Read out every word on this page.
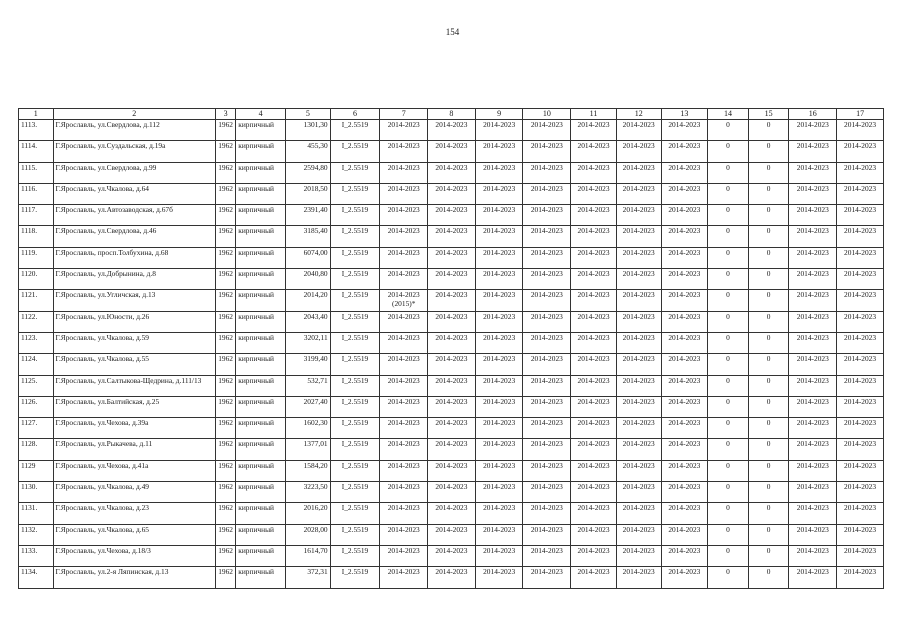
154
1	2	3	4	5	6	7	8	9	10	11	12	13	14	15	16	17
1113.	Г.Ярославль, ул.Свердлова, д.112	1962	кирпичный	1301,30	I_2.5519	2014-2023	2014-2023	2014-2023	2014-2023	2014-2023	2014-2023	2014-2023	0	0	2014-2023	2014-2023
1114.	Г.Ярославль, ул.Суздальская, д.19а	1962	кирпичный	455,30	I_2.5519	2014-2023	2014-2023	2014-2023	2014-2023	2014-2023	2014-2023	2014-2023	0	0	2014-2023	2014-2023
1115.	Г.Ярославль, ул.Свердлова, д.99	1962	кирпичный	2594,80	I_2.5519	2014-2023	2014-2023	2014-2023	2014-2023	2014-2023	2014-2023	2014-2023	0	0	2014-2023	2014-2023
1116.	Г.Ярославль, ул.Чкалова, д.64	1962	кирпичный	2018,50	I_2.5519	2014-2023	2014-2023	2014-2023	2014-2023	2014-2023	2014-2023	2014-2023	0	0	2014-2023	2014-2023
1117.	Г.Ярославль, ул.Автозаводская, д.67б	1962	кирпичный	2391,40	I_2.5519	2014-2023	2014-2023	2014-2023	2014-2023	2014-2023	2014-2023	2014-2023	0	0	2014-2023	2014-2023
1118.	Г.Ярославль, ул.Свердлова, д.46	1962	кирпичный	3185,40	I_2.5519	2014-2023	2014-2023	2014-2023	2014-2023	2014-2023	2014-2023	2014-2023	0	0	2014-2023	2014-2023
1119.	Г.Ярославль, просп.Толбухина, д.68	1962	кирпичный	6074,00	I_2.5519	2014-2023	2014-2023	2014-2023	2014-2023	2014-2023	2014-2023	2014-2023	0	0	2014-2023	2014-2023
1120.	Г.Ярославль, ул.Добрынина, д.8	1962	кирпичный	2040,80	I_2.5519	2014-2023	2014-2023	2014-2023	2014-2023	2014-2023	2014-2023	2014-2023	0	0	2014-2023	2014-2023
1121.	Г.Ярославль, ул.Угличская, д.13	1962	кирпичный	2014,20	I_2.5519	2014-2023 (2015)*	2014-2023	2014-2023	2014-2023	2014-2023	2014-2023	2014-2023	0	0	2014-2023	2014-2023
1122.	Г.Ярославль, ул.Юности, д.26	1962	кирпичный	2043,40	I_2.5519	2014-2023	2014-2023	2014-2023	2014-2023	2014-2023	2014-2023	2014-2023	0	0	2014-2023	2014-2023
1123.	Г.Ярославль, ул.Чкалова, д.59	1962	кирпичный	3202,11	I_2.5519	2014-2023	2014-2023	2014-2023	2014-2023	2014-2023	2014-2023	2014-2023	0	0	2014-2023	2014-2023
1124.	Г.Ярославль, ул.Чкалова, д.55	1962	кирпичный	3199,40	I_2.5519	2014-2023	2014-2023	2014-2023	2014-2023	2014-2023	2014-2023	2014-2023	0	0	2014-2023	2014-2023
1125.	Г.Ярославль, ул.Салтыкова-Щедрина, д.111/13	1962	кирпичный	532,71	I_2.5519	2014-2023	2014-2023	2014-2023	2014-2023	2014-2023	2014-2023	2014-2023	0	0	2014-2023	2014-2023
1126.	Г.Ярославль, ул.Балтийская, д.25	1962	кирпичный	2027,40	I_2.5519	2014-2023	2014-2023	2014-2023	2014-2023	2014-2023	2014-2023	2014-2023	0	0	2014-2023	2014-2023
1127.	Г.Ярославль, ул.Чехова, д.39а	1962	кирпичный	1602,30	I_2.5519	2014-2023	2014-2023	2014-2023	2014-2023	2014-2023	2014-2023	2014-2023	0	0	2014-2023	2014-2023
1128.	Г.Ярославль, ул.Рыкачева, д.11	1962	кирпичный	1377,01	I_2.5519	2014-2023	2014-2023	2014-2023	2014-2023	2014-2023	2014-2023	2014-2023	0	0	2014-2023	2014-2023
1129	Г.Ярославль, ул.Чехова, д.41а	1962	кирпичный	1584,20	I_2.5519	2014-2023	2014-2023	2014-2023	2014-2023	2014-2023	2014-2023	2014-2023	0	0	2014-2023	2014-2023
1130.	Г.Ярославль, ул.Чкалова, д.49	1962	кирпичный	3223,50	I_2.5519	2014-2023	2014-2023	2014-2023	2014-2023	2014-2023	2014-2023	2014-2023	0	0	2014-2023	2014-2023
1131.	Г.Ярославль, ул.Чкалова, д.23	1962	кирпичный	2016,20	I_2.5519	2014-2023	2014-2023	2014-2023	2014-2023	2014-2023	2014-2023	2014-2023	0	0	2014-2023	2014-2023
1132.	Г.Ярославль, ул.Чкалова, д.65	1962	кирпичный	2028,00	I_2.5519	2014-2023	2014-2023	2014-2023	2014-2023	2014-2023	2014-2023	2014-2023	0	0	2014-2023	2014-2023
1133.	Г.Ярославль, ул.Чехова, д.18/3	1962	кирпичный	1614,70	I_2.5519	2014-2023	2014-2023	2014-2023	2014-2023	2014-2023	2014-2023	2014-2023	0	0	2014-2023	2014-2023
1134.	Г.Ярославль, ул.2-я Ляпинская, д.13	1962	кирпичный	372,31	I_2.5519	2014-2023	2014-2023	2014-2023	2014-2023	2014-2023	2014-2023	2014-2023	0	0	2014-2023	2014-2023
